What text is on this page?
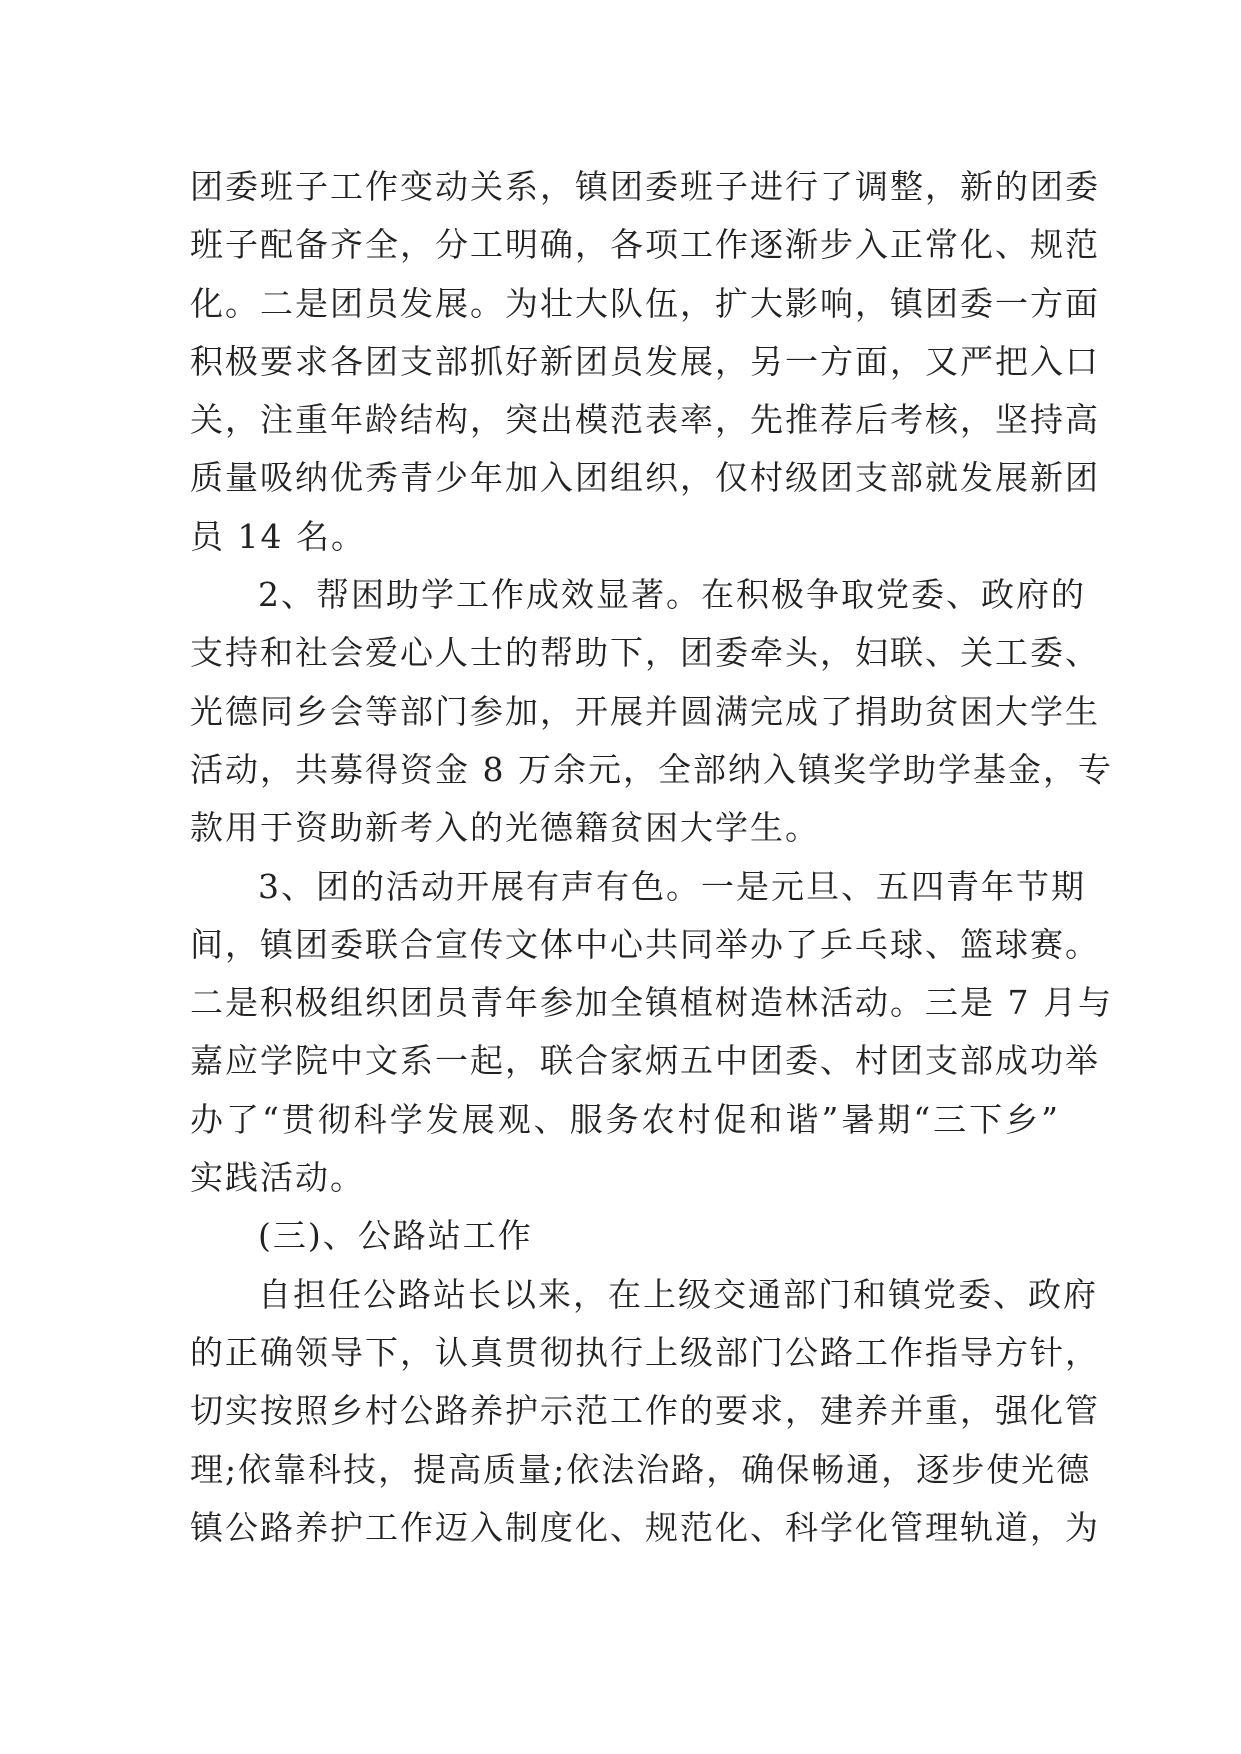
团委班子工作变动关系，镇团委班子进行了调整，新的团委
班子配备齐全，分工明确，各项工作逐渐步入正常化、规范
化。二是团员发展。为壮大队伍，扩大影响，镇团委一方面
积极要求各团支部抓好新团员发展，另一方面，又严把入口
关，注重年龄结构，突出模范表率，先推荐后考核，坚持高
质量吸纳优秀青少年加入团组织，仅村级团支部就发展新团
员 14 名。
2、帮困助学工作成效显著。在积极争取党委、政府的
支持和社会爱心人士的帮助下，团委牵头，妇联、关工委、
光德同乡会等部门参加，开展并圆满完成了捐助贫困大学生
活动，共募得资金 8 万余元，全部纳入镇奖学助学基金，专
款用于资助新考入的光德籍贫困大学生。
3、团的活动开展有声有色。一是元旦、五四青年节期
间，镇团委联合宣传文体中心共同举办了乒乓球、篮球赛。
二是积极组织团员青年参加全镇植树造林活动。三是 7 月与
嘉应学院中文系一起，联合家炳五中团委、村团支部成功举
办了“贯彻科学发展观、服务农村促和谐”暑期“三下乡”
实践活动。
(三)、公路站工作
自担任公路站长以来，在上级交通部门和镇党委、政府
的正确领导下，认真贯彻执行上级部门公路工作指导方针，
切实按照乡村公路养护示范工作的要求，建养并重，强化管
理;依靠科技，提高质量;依法治路，确保畅通，逐步使光德
镇公路养护工作迈入制度化、规范化、科学化管理轨道，为
